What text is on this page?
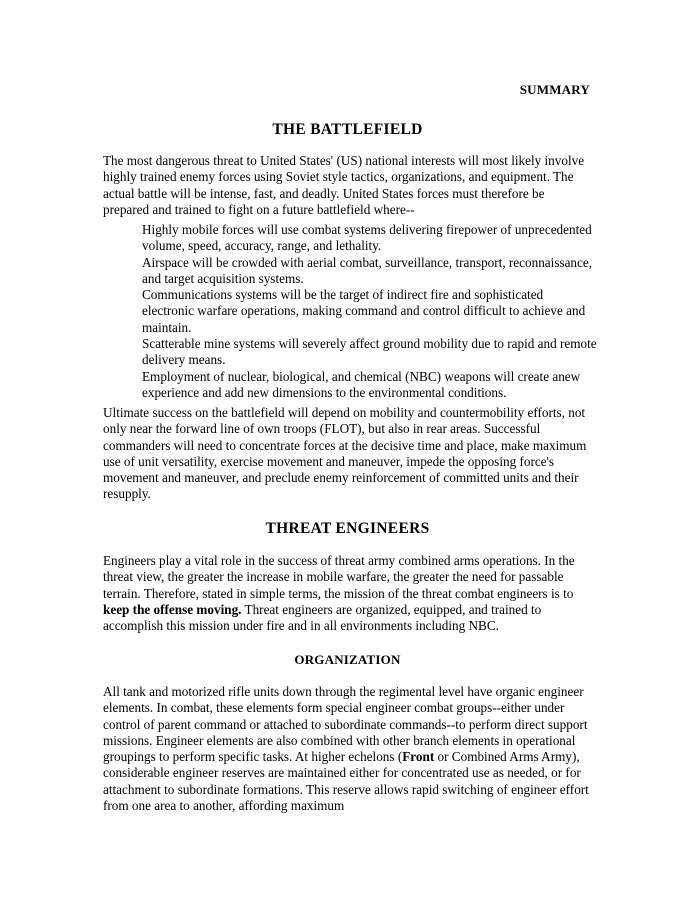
SUMMARY
THE BATTLEFIELD

The most dangerous threat to United States' (US) national interests will most likely involve highly trained enemy forces using Soviet style tactics, organizations, and equipment. The actual battle will be intense, fast, and deadly. United States forces must therefore be prepared and trained to fight on a future battlefield where--

Highly mobile forces will use combat systems delivering firepower of unprecedented volume, speed, accuracy, range, and lethality.

Airspace will be crowded with aerial combat, surveillance, transport, reconnaissance, and target acquisition systems.

Communications systems will be the target of indirect fire and sophisticated electronic warfare operations, making command and control difficult to achieve and maintain.

Scatterable mine systems will severely affect ground mobility due to rapid and remote delivery means.

Employment of nuclear, biological, and chemical (NBC) weapons will create anew experience and add new dimensions to the environmental conditions.

Ultimate success on the battlefield will depend on mobility and countermobility efforts, not only near the forward line of own troops (FLOT), but also in rear areas. Successful commanders will need to concentrate forces at the decisive time and place, make maximum use of unit versatility, exercise movement and maneuver, impede the opposing force's movement and maneuver, and preclude enemy reinforcement of committed units and their resupply.

THREAT ENGINEERS

Engineers play a vital role in the success of threat army combined arms operations. In the threat view, the greater the increase in mobile warfare, the greater the need for passable terrain. Therefore, stated in simple terms, the mission of the threat combat engineers is to keep the offense moving. Threat engineers are organized, equipped, and trained to accomplish this mission under fire and in all environments including NBC.

ORGANIZATION

All tank and motorized rifle units down through the regimental level have organic engineer elements. In combat, these elements form special engineer combat groups--either under control of parent command or attached to subordinate commands--to perform direct support missions. Engineer elements are also combined with other branch elements in operational groupings to perform specific tasks. At higher echelons (Front or Combined Arms Army), considerable engineer reserves are maintained either for concentrated use as needed, or for attachment to subordinate formations. This reserve allows rapid switching of engineer effort from one area to another, affording maximum
